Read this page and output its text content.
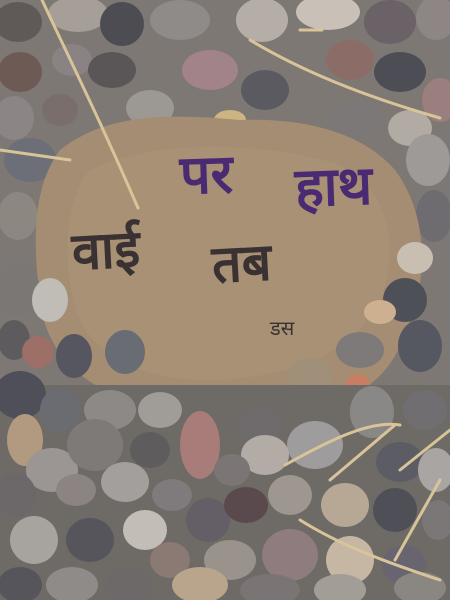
पर हाथ

वाई तब

डस
